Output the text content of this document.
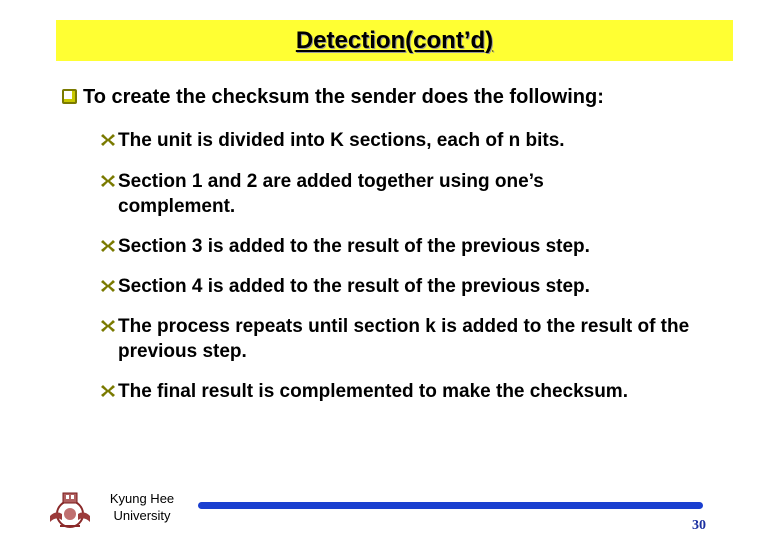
Detection(cont’d)
To create the checksum the sender does the following:
The unit is divided into K sections, each of n bits.
Section 1 and 2 are added together using one’s complement.
Section 3 is added to the result of the previous step.
Section 4 is added to the result of the previous step.
The process repeats until section k is added to the result of the previous step.
The final result is complemented to make the checksum.
Kyung Hee University
30
